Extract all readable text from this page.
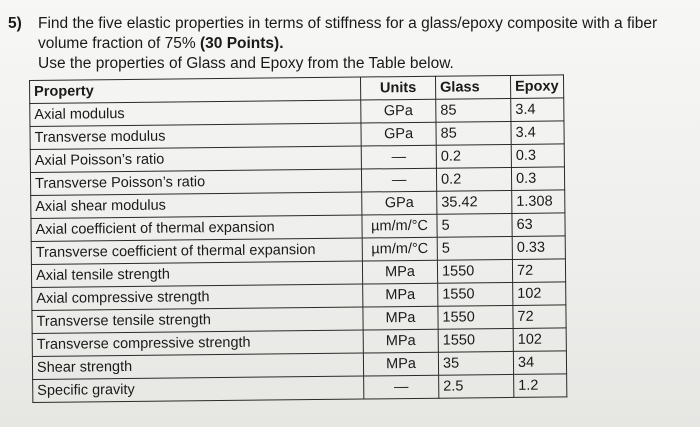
5) Find the five elastic properties in terms of stiffness for a glass/epoxy composite with a fiber
volume fraction of 75% (30 Points).
Use the properties of Glass and Epoxy from the Table below.
Property	Units	Glass	Epoxy
Axial modulus	GPa	85	3.4
Transverse modulus	GPa	85	3.4
Axial Poisson’s ratio	—	0.2	0.3
Transverse Poisson’s ratio	—	0.2	0.3
Axial shear modulus	GPa	35.42	1.308
Axial coefficient of thermal expansion	µm/m/°C	5	63
Transverse coefficient of thermal expansion	µm/m/°C	5	0.33
Axial tensile strength	MPa	1550	72
Axial compressive strength	MPa	1550	102
Transverse tensile strength	MPa	1550	72
Transverse compressive strength	MPa	1550	102
Shear strength	MPa	35	34
Specific gravity	—	2.5	1.2
